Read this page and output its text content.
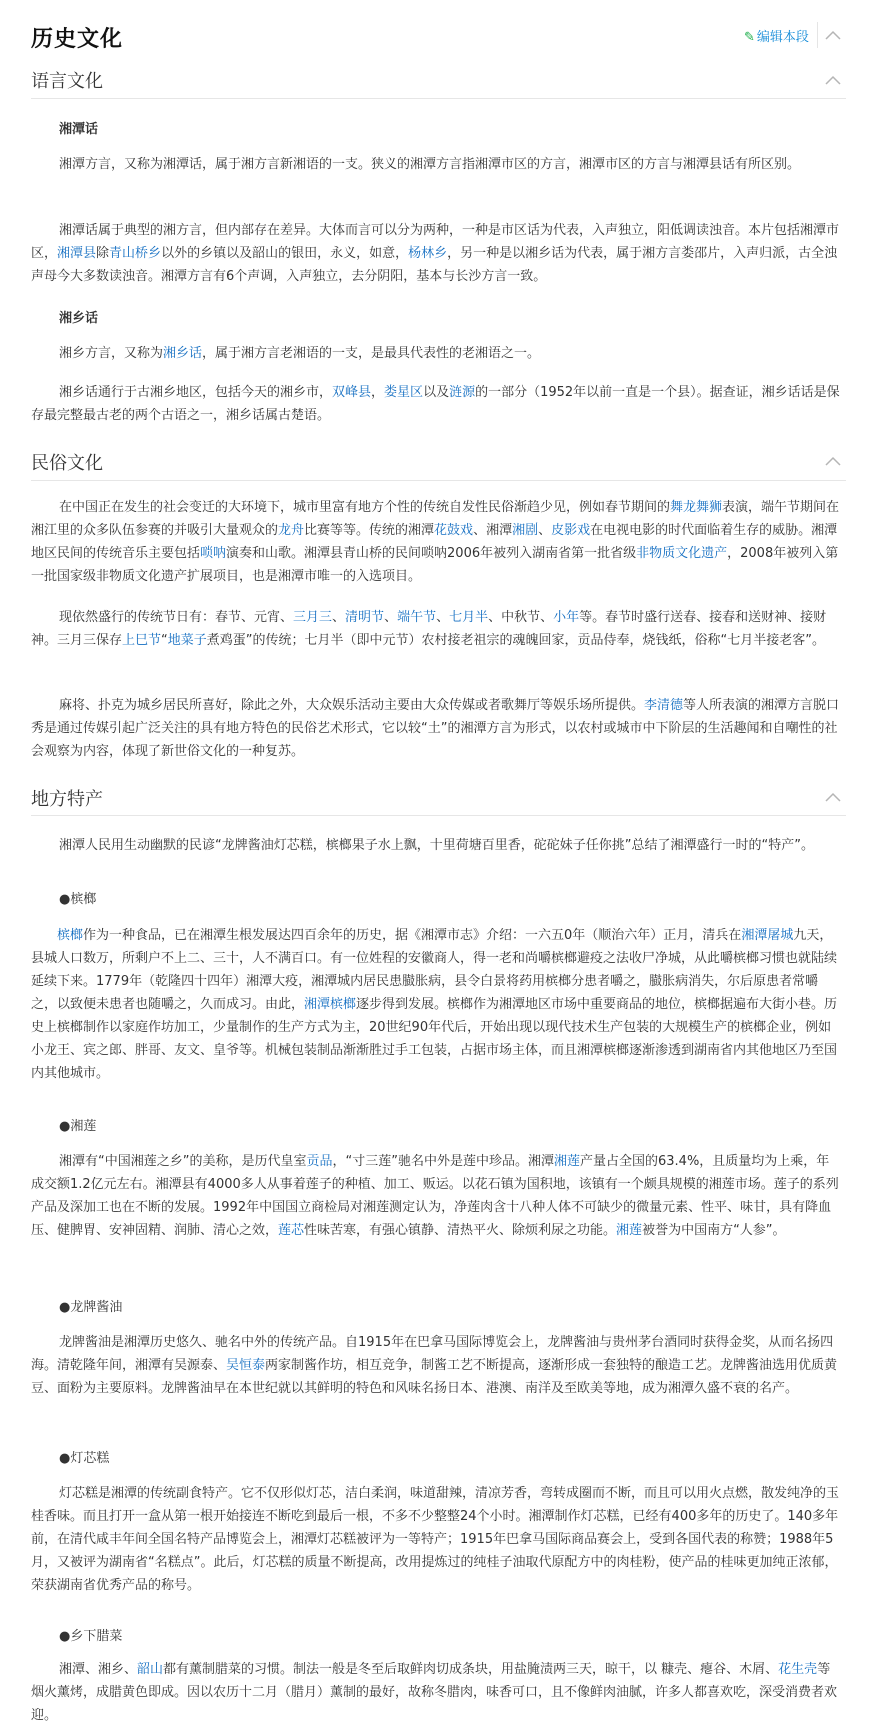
历史文化	✎ 编辑本段
语言文化
湘潭话

湘潭方言，又称为湘潭话，属于湘方言新湘语的一支。狭义的湘潭方言指湘潭市区的方言，湘潭市区的方言与湘潭县话有所区别。

湘潭话属于典型的湘方言，但内部存在差异。大体而言可以分为两种，一种是市区话为代表，入声独立，阳低调读浊音。本片包括湘潭市区，湘潭县除青山桥乡以外的乡镇以及韶山的银田，永义，如意，杨林乡，另一种是以湘乡话为代表，属于湘方言娄邵片，入声归派，古全浊声母今大多数读浊音。湘潭方言有6个声调，入声独立，去分阴阳，基本与长沙方言一致。

湘乡话

湘乡方言，又称为湘乡话，属于湘方言老湘语的一支，是最具代表性的老湘语之一。

湘乡话通行于古湘乡地区，包括今天的湘乡市，双峰县，娄星区以及涟源的一部分（1952年以前一直是一个县）。据查证，湘乡话话是保存最完整最古老的两个古语之一，湘乡话属古楚语。

民俗文化

在中国正在发生的社会变迁的大环境下，城市里富有地方个性的传统自发性民俗渐趋少见，例如春节期间的舞龙舞狮表演，端午节期间在湘江里的众多队伍参赛的并吸引大量观众的龙舟比赛等等。传统的湘潭花鼓戏、湘潭湘剧、皮影戏在电视电影的时代面临着生存的威胁。湘潭地区民间的传统音乐主要包括唢呐演奏和山歌。湘潭县青山桥的民间唢呐2006年被列入湖南省第一批省级非物质文化遗产，2008年被列入第一批国家级非物质文化遗产扩展项目，也是湘潭市唯一的入选项目。

现依然盛行的传统节日有：春节、元宵、三月三、清明节、端午节、七月半、中秋节、小年等。春节时盛行送春、接春和送财神、接财神。三月三保存上巳节“地菜子煮鸡蛋”的传统；七月半（即中元节）农村接老祖宗的魂魄回家，贡品侍奉，烧钱纸，俗称“七月半接老客”。

麻将、扑克为城乡居民所喜好，除此之外，大众娱乐活动主要由大众传媒或者歌舞厅等娱乐场所提供。李清德等人所表演的湘潭方言脱口秀是通过传媒引起广泛关注的具有地方特色的民俗艺术形式，它以较“土”的湘潭方言为形式，以农村或城市中下阶层的生活趣闻和自嘲性的社会观察为内容，体现了新世俗文化的一种复苏。

地方特产

湘潭人民用生动幽默的民谚“龙牌酱油灯芯糕，槟榔果子水上飘，十里荷塘百里香，砣砣妹子任你挑”总结了湘潭盛行一时的“特产”。

●槟榔

　　槟榔作为一种食品，已在湘潭生根发展达四百余年的历史，据《湘潭市志》介绍：一六五0年（顺治六年）正月，清兵在湘潭屠城九天，县城人口数万，所剩户不上二、三十，人不满百口。有一位姓程的安徽商人，得一老和尚嚼槟榔避疫之法收尸净城，从此嚼槟榔习惯也就陆续延续下来。1779年（乾隆四十四年）湘潭大疫，湘潭城内居民患臌胀病，县令白景将药用槟榔分患者嚼之，臌胀病消失，尔后原患者常嚼之，以致便未患者也随嚼之，久而成习。由此，湘潭槟榔逐步得到发展。槟榔作为湘潭地区市场中重要商品的地位，槟榔据遍布大街小巷。历史上槟榔制作以家庭作坊加工，少量制作的生产方式为主，20世纪90年代后，开始出现以现代技术生产包装的大规模生产的槟榔企业，例如小龙王、宾之郎、胖哥、友文、皇爷等。机械包装制品渐渐胜过手工包装，占据市场主体，而且湘潭槟榔逐渐渗透到湖南省内其他地区乃至国内其他城市。

●湘莲

湘潭有“中国湘莲之乡”的美称，是历代皇室贡品，“寸三莲”驰名中外是莲中珍品。湘潭湘莲产量占全国的63.4%，且质量均为上乘，年成交额1.2亿元左右。湘潭县有4000多人从事着莲子的种植、加工、贩运。以花石镇为国积地，该镇有一个颇具规模的湘莲市场。莲子的系列产品及深加工也在不断的发展。1992年中国国立商检局对湘莲测定认为，净莲肉含十八种人体不可缺少的微量元素、性平、味甘，具有降血压、健脾胃、安神固精、润肺、清心之效，莲芯性味苦寒，有强心镇静、清热平火、除烦利尿之功能。湘莲被誉为中国南方“人参”。

●龙牌酱油

龙牌酱油是湘潭历史悠久、驰名中外的传统产品。自1915年在巴拿马国际博览会上，龙牌酱油与贵州茅台酒同时获得金奖，从而名扬四海。清乾隆年间，湘潭有吴源泰、吴恒泰两家制酱作坊，相互竞争，制酱工艺不断提高，逐渐形成一套独特的酿造工艺。龙牌酱油选用优质黄豆、面粉为主要原料。龙牌酱油早在本世纪就以其鲜明的特色和风味名扬日本、港澳、南洋及至欧美等地，成为湘潭久盛不衰的名产。

●灯芯糕

灯芯糕是湘潭的传统副食特产。它不仅形似灯芯，洁白柔润，味道甜辣，清凉芳香，弯转成圈而不断，而且可以用火点燃，散发纯净的玉桂香味。而且打开一盒从第一根开始接连不断吃到最后一根，不多不少整整24个小时。湘潭制作灯芯糕，已经有400多年的历史了。140多年前，在清代咸丰年间全国名特产品博览会上，湘潭灯芯糕被评为一等特产；1915年巴拿马国际商品赛会上，受到各国代表的称赞；1988年5月，又被评为湖南省“名糕点”。此后，灯芯糕的质量不断提高，改用提炼过的纯桂子油取代原配方中的肉桂粉，使产品的桂味更加纯正浓郁，荣获湖南省优秀产品的称号。

●乡下腊菜

湘潭、湘乡、韶山都有薰制腊菜的习惯。制法一般是冬至后取鲜肉切成条块，用盐腌渍两三天，晾干，以 糠壳、瘪谷、木屑、花生壳等烟火薰烤，成腊黄色即成。因以农历十二月（腊月）薰制的最好，故称冬腊肉，味香可口，且不像鲜肉油腻，许多人都喜欢吃，深受消费者欢迎。
